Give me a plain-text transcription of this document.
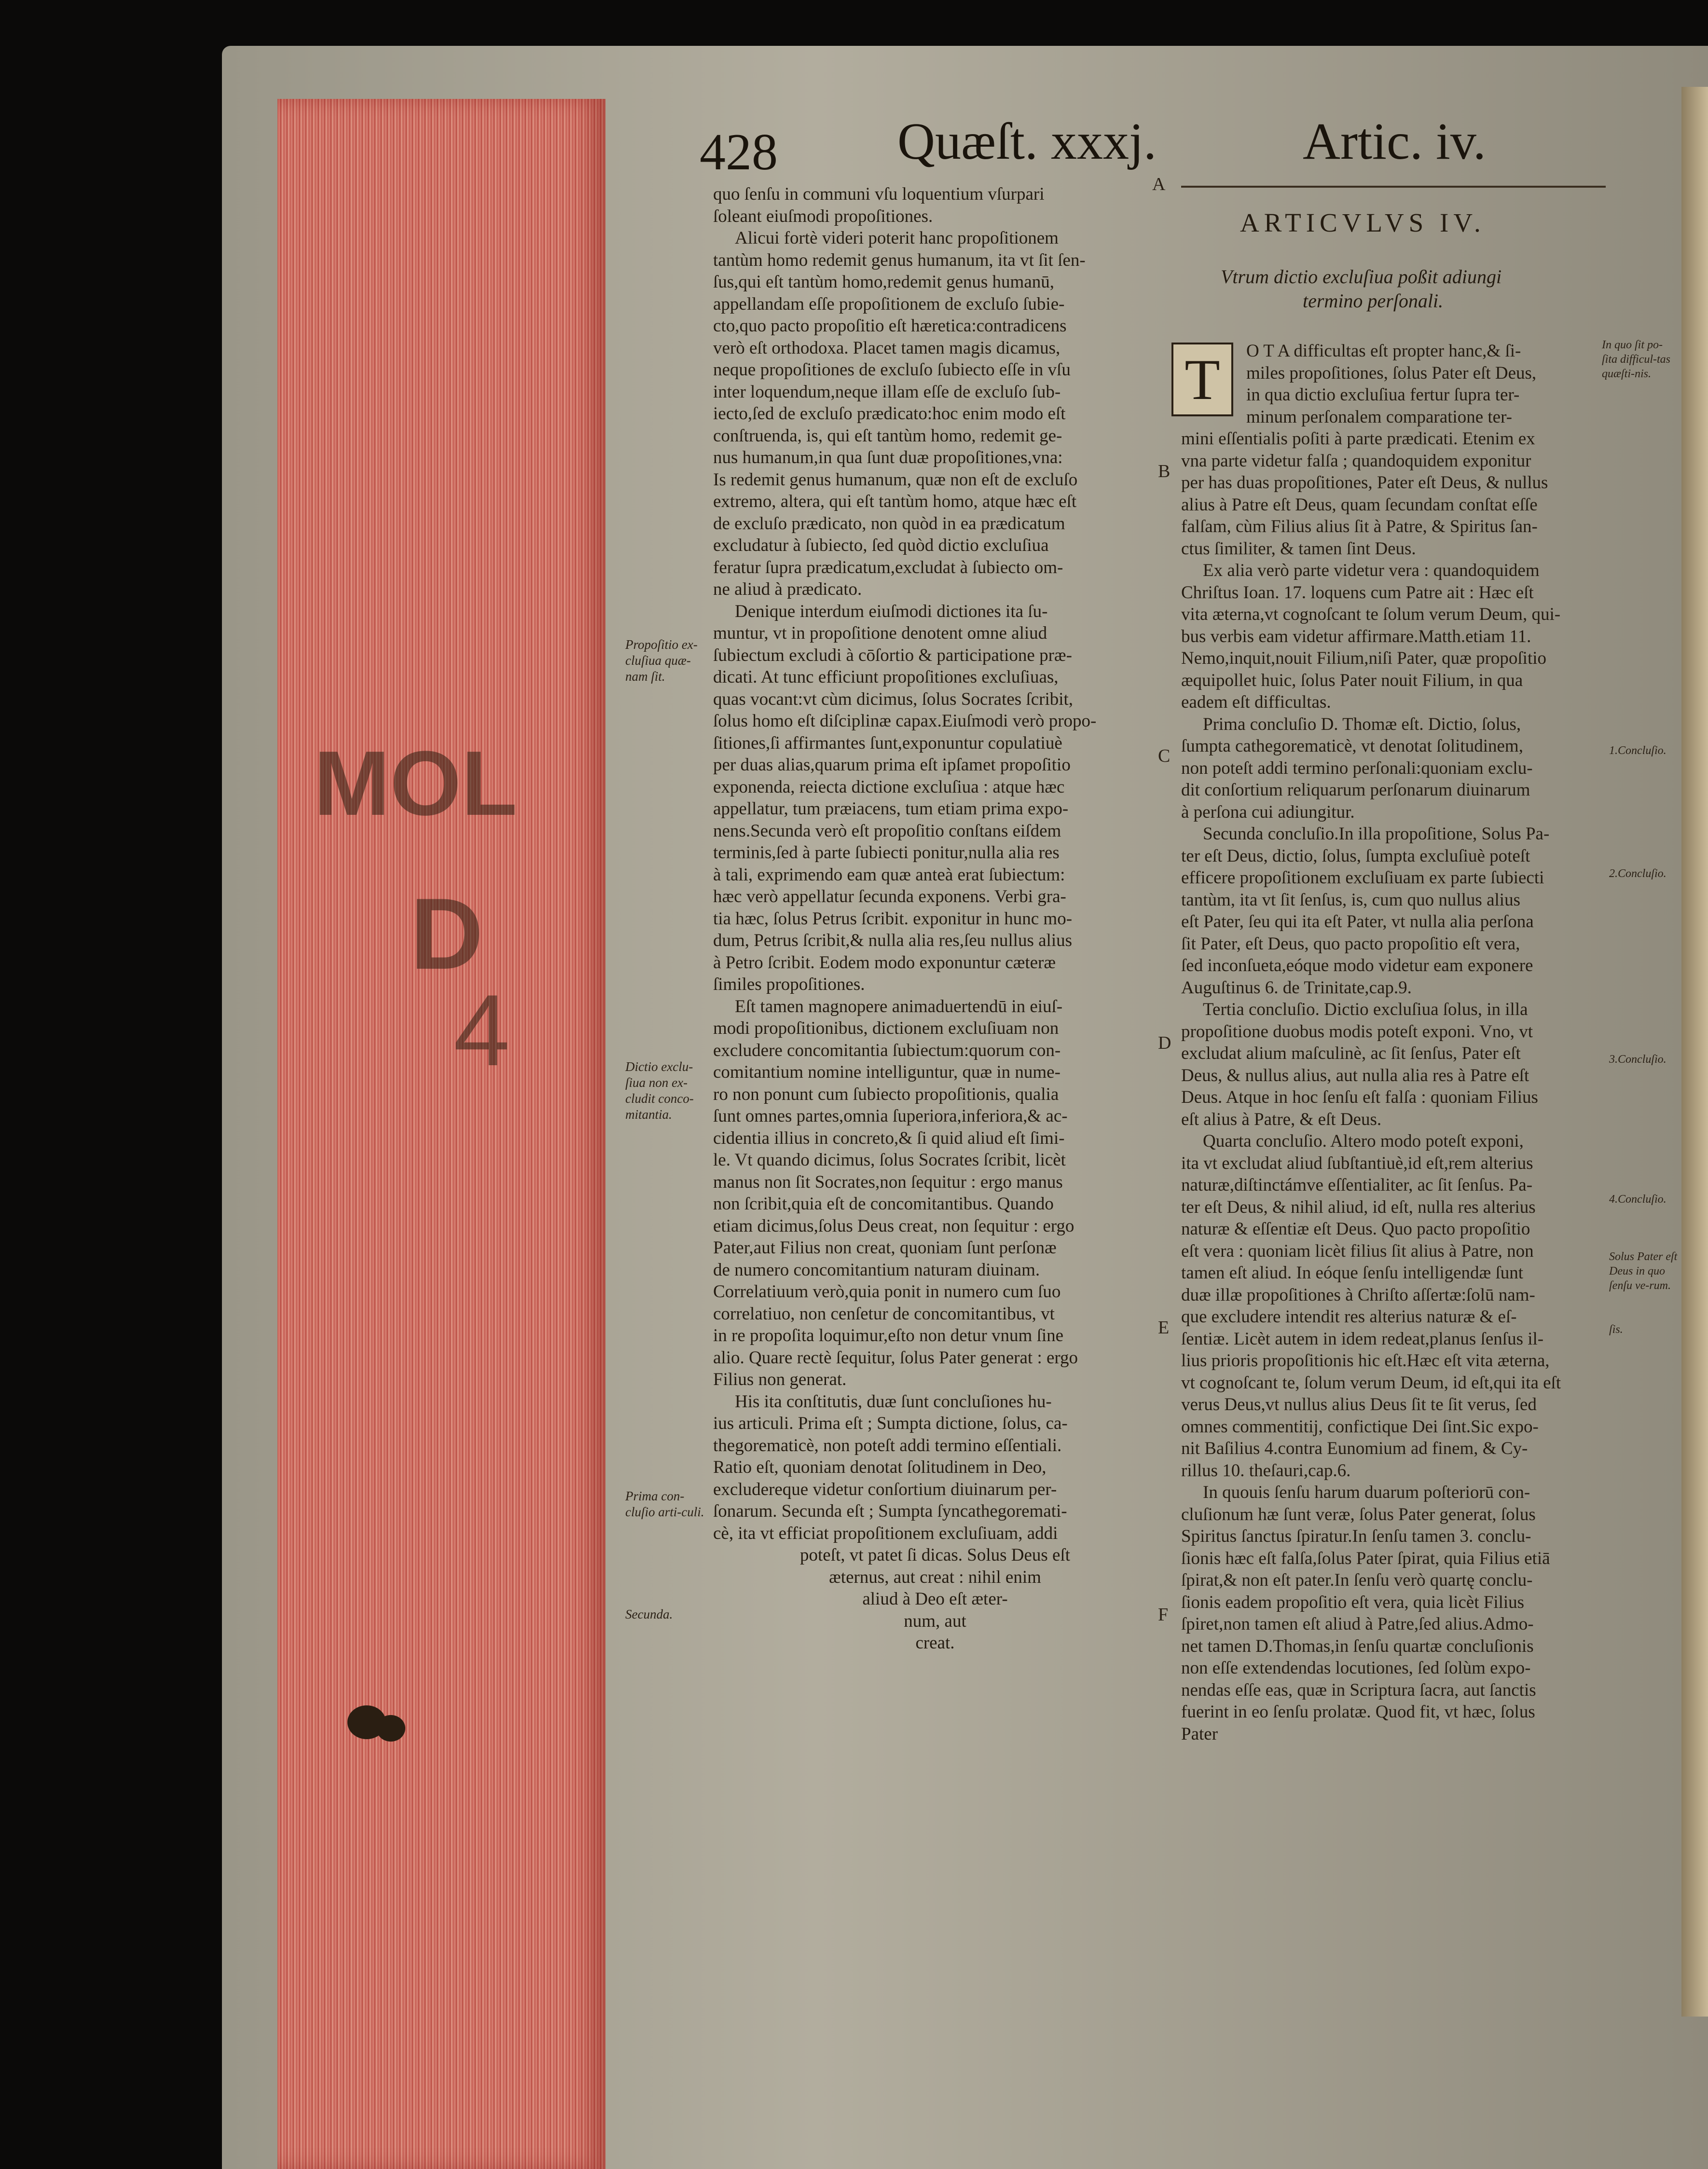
MOL
D
4
428 Quæſt. xxxj.	Artic. iv.
quo ſenſu in communi vſu loquentium vſurpari
ſoleant eiuſmodi propoſitiones.
Alicui fortè videri poterit hanc propoſitionem
tantùm homo redemit genus humanum, ita vt ſit ſen-
ſus,qui eſt tantùm homo,redemit genus humanū,
appellandam eſſe propoſitionem de excluſo ſubie-
cto,quo pacto propoſitio eſt hæretica:contradicens
verò eſt orthodoxa. Placet tamen magis dicamus,
neque propoſitiones de excluſo ſubiecto eſſe in vſu
inter loquendum,neque illam eſſe de excluſo ſub-
iecto,ſed de excluſo prædicato:hoc enim modo eſt
conſtruenda, is, qui eſt tantùm homo, redemit ge-
nus humanum,in qua ſunt duæ propoſitiones,vna:
Is redemit genus humanum, quæ non eſt de excluſo
extremo, altera, qui eſt tantùm homo, atque hæc eſt
de excluſo prædicato, non quòd in ea prædicatum
excludatur à ſubiecto, ſed quòd dictio excluſiua
feratur ſupra prædicatum,excludat à ſubiecto om-
ne aliud à prædicato.
Denique interdum eiuſmodi dictiones ita ſu-
muntur, vt in propoſitione denotent omne aliud
ſubiectum excludi à cōſortio & participatione præ-
dicati. At tunc efficiunt propoſitiones excluſiuas,
quas vocant:vt cùm dicimus, ſolus Socrates ſcribit,
ſolus homo eſt diſciplinæ capax.Eiuſmodi verò propo-
ſitiones,ſi affirmantes ſunt,exponuntur copulatiuè
per duas alias,quarum prima eſt ipſamet propoſitio
exponenda, reiecta dictione excluſiua : atque hæc
appellatur, tum præiacens, tum etiam prima expo-
nens.Secunda verò eſt propoſitio conſtans eiſdem
terminis,ſed à parte ſubiecti ponitur,nulla alia res
à tali, exprimendo eam quæ anteà erat ſubiectum:
hæc verò appellatur ſecunda exponens. Verbi gra-
tia hæc, ſolus Petrus ſcribit. exponitur in hunc mo-
dum, Petrus ſcribit,& nulla alia res,ſeu nullus alius
à Petro ſcribit. Eodem modo exponuntur cæteræ
ſimiles propoſitiones.
Eſt tamen magnopere animaduertendū in eiuſ-
modi propoſitionibus, dictionem excluſiuam non
excludere concomitantia ſubiectum:quorum con-
comitantium nomine intelliguntur, quæ in nume-
ro non ponunt cum ſubiecto propoſitionis, qualia
ſunt omnes partes,omnia ſuperiora,inferiora,& ac-
cidentia illius in concreto,& ſi quid aliud eſt ſimi-
le. Vt quando dicimus, ſolus Socrates ſcribit, licèt
manus non ſit Socrates,non ſequitur : ergo manus
non ſcribit,quia eſt de concomitantibus. Quando
etiam dicimus,ſolus Deus creat, non ſequitur : ergo
Pater,aut Filius non creat, quoniam ſunt perſonæ
de numero concomitantium naturam diuinam.
Correlatiuum verò,quia ponit in numero cum ſuo
correlatiuo, non cenſetur de concomitantibus, vt
in re propoſita loquimur,eſto non detur vnum ſine
alio. Quare rectè ſequitur, ſolus Pater generat : ergo
Filius non generat.
His ita conſtitutis, duæ ſunt concluſiones hu-
ius articuli. Prima eſt ; Sumpta dictione, ſolus, ca-
thegorematicè, non poteſt addi termino eſſentiali.
Ratio eſt, quoniam denotat ſolitudinem in Deo,
excludereque videtur conſortium diuinarum per-
ſonarum. Secunda eſt ; Sumpta ſyncathegoremati-
cè, ita vt efficiat propoſitionem excluſiuam, addi
poteſt, vt patet ſi dicas. Solus Deus eſt
æternus, aut creat : nihil enim
aliud à Deo eſt æter-
num, aut
creat.
Propoſitio ex-cluſiua quæ-nam ſit.
Dictio exclu-ſiua non ex-cludit conco-mitantia.
Prima con-cluſio arti-culi.
Secunda.
A
B
C
D
E
F
ARTICVLVS IV.
Vtrum dictio excluſiua poßit adiungi
termino perſonali.
T	O T A difficultas eſt propter hanc,& ſi-
miles propoſitiones, ſolus Pater eſt Deus,
in qua dictio excluſiua fertur ſupra ter-
minum perſonalem comparatione ter-
mini eſſentialis poſiti à parte prædicati. Etenim ex
vna parte videtur falſa ; quandoquidem exponitur
per has duas propoſitiones, Pater eſt Deus, & nullus
alius à Patre eſt Deus, quam ſecundam conſtat eſſe
falſam, cùm Filius alius ſit à Patre, & Spiritus ſan-
ctus ſimiliter, & tamen ſint Deus.
Ex alia verò parte videtur vera : quandoquidem
Chriſtus Ioan. 17. loquens cum Patre ait : Hæc eſt
vita æterna,vt cognoſcant te ſolum verum Deum, qui-
bus verbis eam videtur affirmare.Matth.etiam 11.
Nemo,inquit,nouit Filium,niſi Pater, quæ propoſitio
æquipollet huic, ſolus Pater nouit Filium, in qua
eadem eſt difficultas.
Prima concluſio D. Thomæ eſt. Dictio, ſolus,
ſumpta cathegorematicè, vt denotat ſolitudinem,
non poteſt addi termino perſonali:quoniam exclu-
dit conſortium reliquarum perſonarum diuinarum
à perſona cui adiungitur.
Secunda concluſio.In illa propoſitione, Solus Pa-
ter eſt Deus, dictio, ſolus, ſumpta excluſiuè poteſt
efficere propoſitionem excluſiuam ex parte ſubiecti
tantùm, ita vt ſit ſenſus, is, cum quo nullus alius
eſt Pater, ſeu qui ita eſt Pater, vt nulla alia perſona
ſit Pater, eſt Deus, quo pacto propoſitio eſt vera,
ſed inconſueta,eóque modo videtur eam exponere
Auguſtinus 6. de Trinitate,cap.9.
Tertia concluſio. Dictio excluſiua ſolus, in illa
propoſitione duobus modis poteſt exponi. Vno, vt
excludat alium maſculinè, ac ſit ſenſus, Pater eſt
Deus, & nullus alius, aut nulla alia res à Patre eſt
Deus. Atque in hoc ſenſu eſt falſa : quoniam Filius
eſt alius à Patre, & eſt Deus.
Quarta concluſio. Altero modo poteſt exponi,
ita vt excludat aliud ſubſtantiuè,id eſt,rem alterius
naturæ,diſtinctámve eſſentialiter, ac ſit ſenſus. Pa-
ter eſt Deus, & nihil aliud, id eſt, nulla res alterius
naturæ & eſſentiæ eſt Deus. Quo pacto propoſitio
eſt vera : quoniam licèt filius ſit alius à Patre, non
tamen eſt aliud. In eóque ſenſu intelligendæ ſunt
duæ illæ propoſitiones à Chriſto aſſertæ:ſolū nam-
que excludere intendit res alterius naturæ & eſ-
ſentiæ. Licèt autem in idem redeat,planus ſenſus il-
lius prioris propoſitionis hic eſt.Hæc eſt vita æterna,
vt cognoſcant te, ſolum verum Deum, id eſt,qui ita eſt
verus Deus,vt nullus alius Deus ſit te ſit verus, ſed
omnes commentitij, confictique Dei ſint.Sic expo-
nit Baſilius 4.contra Eunomium ad finem, & Cy-
rillus 10. theſauri,cap.6.
In quouis ſenſu harum duarum poſteriorū con-
cluſionum hæ ſunt veræ, ſolus Pater generat, ſolus
Spiritus ſanctus ſpiratur.In ſenſu tamen 3. conclu-
ſionis hæc eſt falſa,ſolus Pater ſpirat, quia Filius etiā
ſpirat,& non eſt pater.In ſenſu verò quartę conclu-
ſionis eadem propoſitio eſt vera, quia licèt Filius
ſpiret,non tamen eſt aliud à Patre,ſed alius.Admo-
net tamen D.Thomas,in ſenſu quartæ concluſionis
non eſſe extendendas locutiones, ſed ſolùm expo-
nendas eſſe eas, quæ in Scriptura ſacra, aut ſanctis
fuerint in eo ſenſu prolatæ. Quod fit, vt hæc, ſolus
Pater
In quo ſit po-ſita difficul-tas quæſti-nis.
1.Concluſio.
2.Concluſio.
3.Concluſio.
4.Concluſio.
Solus Pater eſt Deus in quo ſenſu ve-rum.
ſis.
